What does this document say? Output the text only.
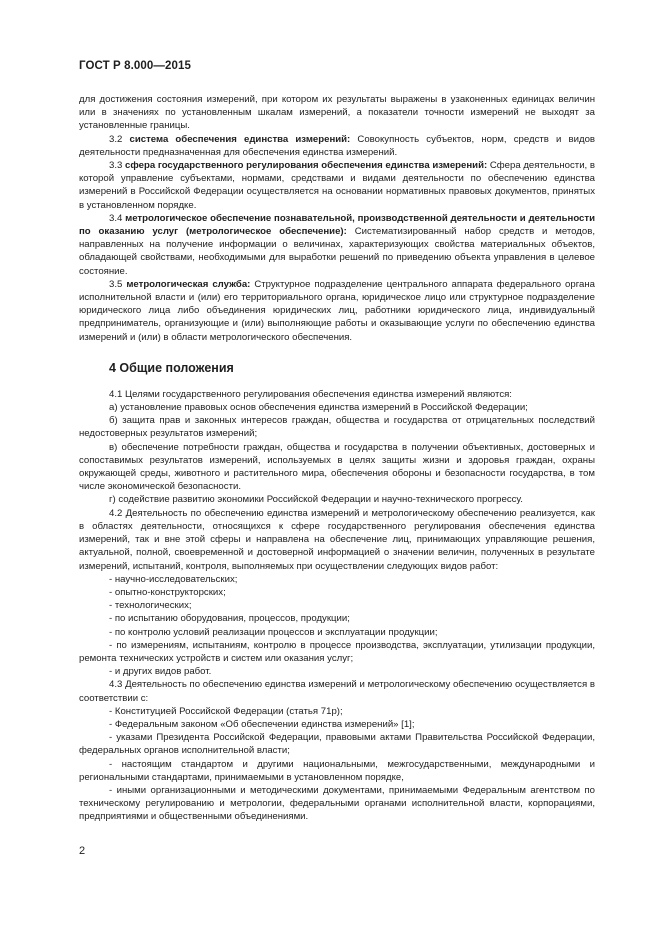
ГОСТ Р 8.000—2015

для достижения состояния измерений, при котором их результаты выражены в узаконенных единицах величин или в значениях по установленным шкалам измерений, а показатели точности измерений не выходят за установленные границы.

3.2 система обеспечения единства измерений: Совокупность субъектов, норм, средств и видов деятельности предназначенная для обеспечения единства измерений.

3.3 сфера государственного регулирования обеспечения единства измерений: Сфера деятельности, в которой управление субъектами, нормами, средствами и видами деятельности по обеспечению единства измерений в Российской Федерации осуществляется на основании нормативных правовых документов, принятых в установленном порядке.

3.4 метрологическое обеспечение познавательной, производственной деятельности и деятельности по оказанию услуг (метрологическое обеспечение): Систематизированный набор средств и методов, направленных на получение информации о величинах, характеризующих свойства материальных объектов, обладающей свойствами, необходимыми для выработки решений по приведению объекта управления в целевое состояние.

3.5 метрологическая служба: Структурное подразделение центрального аппарата федерального органа исполнительной власти и (или) его территориального органа, юридическое лицо или структурное подразделение юридического лица либо объединения юридических лиц, работники юридического лица, индивидуальный предприниматель, организующие и (или) выполняющие работы и оказывающие услуги по обеспечению единства измерений и (или) в области метрологического обеспечения.

4 Общие положения

4.1 Целями государственного регулирования обеспечения единства измерений являются:

а) установление правовых основ обеспечения единства измерений в Российской Федерации;

б) защита прав и законных интересов граждан, общества и государства от отрицательных последствий недостоверных результатов измерений;

в) обеспечение потребности граждан, общества и государства в получении объективных, достоверных и сопоставимых результатов измерений, используемых в целях защиты жизни и здоровья граждан, охраны окружающей среды, животного и растительного мира, обеспечения обороны и безопасности государства, в том числе экономической безопасности.

г) содействие развитию экономики Российской Федерации и научно-технического прогрессу.

4.2 Деятельность по обеспечению единства измерений и метрологическому обеспечению реализуется, как в областях деятельности, относящихся к сфере государственного регулирования обеспечения единства измерений, так и вне этой сферы и направлена на обеспечение лиц, принимающих управляющие решения, актуальной, полной, своевременной и достоверной информацией о значении величин, полученных в результате измерений, испытаний, контроля, выполняемых при осуществлении следующих видов работ:

- научно-исследовательских;

- опытно-конструкторских;

- технологических;

- по испытанию оборудования, процессов, продукции;

- по контролю условий реализации процессов и эксплуатации продукции;

- по измерениям, испытаниям, контролю в процессе производства, эксплуатации, утилизации продукции, ремонта технических устройств и систем или оказания услуг;

- и других видов работ.

4.3 Деятельность по обеспечению единства измерений и метрологическому обеспечению осуществляется в соответствии с:

- Конституцией Российской Федерации (статья 71р);

- Федеральным законом «Об обеспечении единства измерений» [1];

- указами Президента Российской Федерации, правовыми актами Правительства Российской Федерации, федеральных органов исполнительной власти;

- настоящим стандартом и другими национальными, межгосударственными, международными и региональными стандартами, принимаемыми в установленном порядке,

- иными организационными и методическими документами, принимаемыми Федеральным агентством по техническому регулированию и метрологии, федеральными органами исполнительной власти, корпорациями, предприятиями и общественными объединениями.

2
